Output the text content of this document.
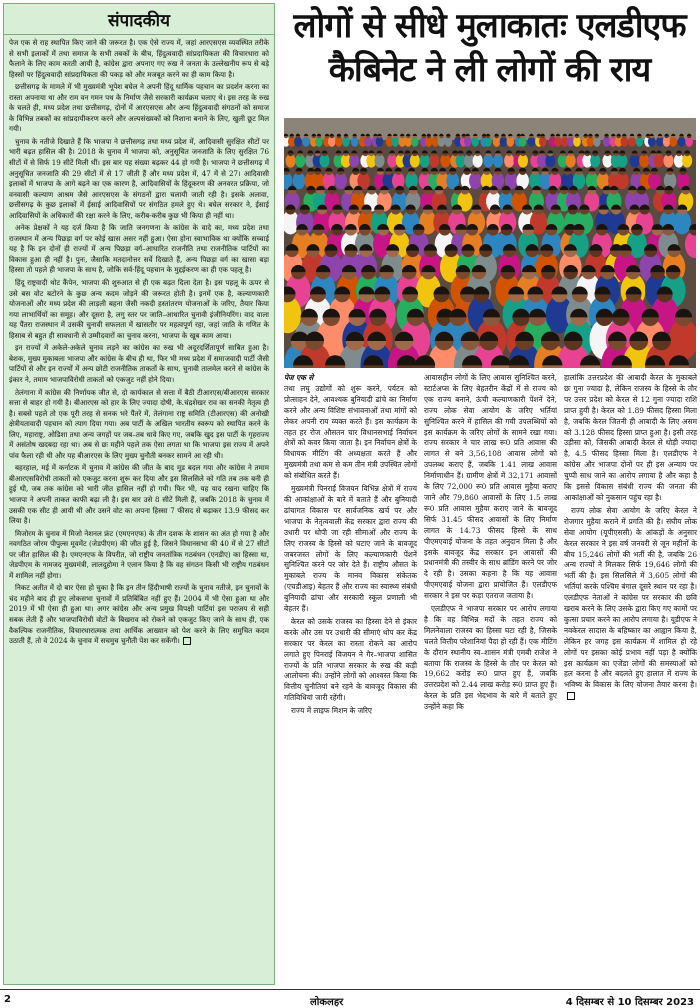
संपादकीय

पेज एक से राह स्थापित किए जाने की जरूरत है। एक ऐसे राज्य में, जहां आरएसएस व्यवस्थित तरीके से सभी इलाकों में तथा समाज के सभी तबकों के बीच, हिंदुत्ववादी सांप्रदायिकता की विचारधारा को फैलाने के लिए काम करती आयी है, कांग्रेस द्वारा अपनाए गए रुख ने जनता के उल्लेखनीय रूप से बड़े हिस्सों पर हिंदुत्ववादी सांप्रदायिकता की पकड़ को और मजबूत करने का ही काम किया है।

छत्तीसगढ़ के मामले में भी मुख्यमंत्री भूपेश बघेल ने अपनी हिंदू धार्मिक पहचान का प्रदर्शन करना का रास्ता अपनाया था और राम वन गमन पथ के निर्माण जैसे सरकारी कार्यक्रम चलाए थे। इस तरह के रुख के चलते ही, मध्य प्रदेश तथा छत्तीसगढ़, दोनों में आरएसएस और अन्य हिंदुत्ववादी संगठनों को समाज के विभिन्न तबकों का सांप्रदायीकरण करने और अल्पसंख्यकों को निशाना बनाने के लिए, खुली छूट मिल गयी।

चुनाव के नतीजे दिखाते हैं कि भाजपा ने छत्तीसगढ़ तथा मध्य प्रदेश में, आदिवासी सुरक्षित सीटों पर भारी बढ़त हासिल की है। 2018 के चुनाव में भाजपा को, अनुसूचित जनजाति के लिए सुरक्षित 76 सीटों में से सिर्फ 19 सीटें मिली थीं। इस बार यह संख्या बढ़कर 44 हो गयी है। भाजपा ने छत्तीसगढ़ में अनुसूचित जनजाति की 29 सीटों में से 17 जीती हैं और मध्य प्रदेश में, 47 में से 27। आदिवासी इलाकों में भाजपा के आगे बढ़ने का एक कारण है, आदिवासियों के हिंदूकरण की अनवरत प्रक्रिया, जो वनवासी कल्याण आश्रम जैसे आरएसएस के संगठनों द्वारा चलायी जाती रही है। इसके अलावा, छत्तीसगढ़ के कुछ इलाकों में ईसाई आदिवासियों पर संगठित हमले हुए थे। बघेल सरकार ने, ईसाई आदिवासियों के अधिकारों की रक्षा करने के लिए, करीब-करीब कुछ भी किया ही नहीं था।

अनेक प्रेक्षकों ने यह दर्ज किया है कि जाति जनगणना के कांग्रेस के वादे का, मध्य प्रदेश तथा राजस्थान में अन्य पिछड़ा वर्ग पर कोई खास असर नहीं हुआ। ऐसा होना स्वाभाविक था क्योंकि सच्चाई यह है कि इन दोनों ही राज्यों में अन्य पिछड़ा वर्ग–आधारित राजनीति तथा राजनीतिक पार्टियों का विकास हुआ ही नहीं है। पुनः, जैसाकि मतदानोत्तर सर्वे दिखाते हैं, अन्य पिछड़ा वर्ग का खासा बड़ा हिस्सा तो पहले ही भाजपा के साथ है, जोकि सर्व-हिंदू पहचान के मुद्दईकरण का ही एक पहलू है।

हिंदू राष्ट्रवादी थोट कैंपेन, भाजपा की शुरुआत से ही एक बढ़त दिला देता है। इस पहलू के ऊपर से उसे बस वोट बटोरने के कुछ अन्य कदम जोड़ने की जरूरत होती है। इनमें एक है, कल्याणकारी योजनाओं और मध्य प्रदेश की लाड़ली बहना जैसी नकदी हस्तांतरण योजनाओं के जरिए, तैयार किया गया लाभार्थियों का समूह। और दूसरा है, लगु स्तर पर जाति–आधारित चुनावी इंजीनियरिंग। वाद वाला यह पैंतरा राजस्थान में उसकी चुनावी सफलता में खासतौर पर महत्वपूर्ण रहा, जहां जाति के गणित के हिसाब से बहुत ही सावधानी से उम्मीदवारों का चुनाव करना, भाजपा के खूब काम आया।

इन राज्यों में अकेले-अकेले चुनाव लड़ने का कांग्रेस का रुख भी अदूरदर्शितापूर्ण साबित हुआ है। बेशक, मुख्य मुकाबला भाजपा और कांग्रेस के बीच ही था, फिर भी मध्य प्रदेश में समाजवादी पार्टी जैसी पार्टियों से और इन राज्यों में अन्य छोटी राजनीतिक ताकतों के साथ, चुनावी तालमेल करने से कांग्रेस के इंकार ने, तमाम भाजपाविरोधी ताकतों को एकजुट नहीं होने दिया।

तेलंगाना में कांग्रेस की निर्णायक जीत से, दो कार्यकाल से सत्ता में बैठी टीआरएस/बीआरएस सरकार सत्ता से बाहर हो गयी है। बीआरएस को हार के लिए ज्यादा दोषी, के.चंद्रशेखर राव का सनकी नेतृत्व ही है। सबसे पहले तो एक पूरी तरह से सनक भरे पैंतरे में, तेलंगाना राष्ट्र समिति (टीआरएस) की अनोखी क्षेत्रीयतावादी पहचान को त्याग दिया गया। अब पार्टी के अखिल भारतीय स्वरूप को स्थापित करने के लिए, महाराष्ट्र, ओडिशा तथा अन्य जगहों पर जब–तब धावे किए गए, जबकि खुद इस पार्टी के गृहराज्य में असंतोष खदबदा रहा था। अब से छः महीने पहले तक ऐसा लगता था कि भाजपा इस राज्य में अपने पांव फैला रही थी और यह बीआरएस के लिए मुख्य चुनौती बनकर सामने आ रही थी।

बहरहाल, मई में कर्नाटक में चुनाव में कांग्रेस की जीत के बाद मूड बदल गया और कांग्रेस ने तमाम बीआरएसविरोधी ताकतों को एकजुट करना शुरू कर दिया और इस सिलसिले को गति तब तक बनी ही हुई थी, जब तक कांग्रेस को भारी जीत हासिल नहीं हो गयी। फिर भी, यह याद रखना चाहिए कि भाजपा ने अपनी ताकत काफी बढ़ा ली है। इस बार उसे 8 सीटें मिली हैं, जबकि 2018 के चुनाव में उसकी एक सीट ही आयी थी और उसने वोट का अपना हिस्सा 7 फीसद से बढ़ाकर 13.9 फीसद कर लिया है।

मिजोरम के चुनाव में मिजो नेशनल फ्रंट (एमएनएफ) के तीन दशक के शासन का अंत हो गया है और नवगठित जोरम पीपुल्स मूवमेंट (जेडपीएम) की जीत हुई है, जिसने विधानसभा की 40 में से 27 सीटों पर जीत हासिल की है। एमएनएफ के विपरीत, जो राष्ट्रीय जनतांत्रिक गठबंधन (एनडीए) का हिस्सा था, जेडपीएम के नामजद मुख्यमंत्री, लालदुहोमा ने एलान किया है कि वह संगठन किसी भी राष्ट्रीय गठबंधन में शामिल नहीं होगा।

निकट अतीत में दो बार ऐसा हो चुका है कि इन तीन हिंदीभाषी राज्यों के चुनाव नतीजे, इन चुनावों के चंद महीने बाद ही हुए लोकसभा चुनावों में प्रतिबिंबित नहीं हुए हैं। 2004 में भी ऐसा हुआ था और 2019 में भी ऐसा ही हुआ था। अगर कांग्रेस और अन्य प्रमुख विपक्षी पार्टियां इस पराजय से सही सबक लेती हैं और भाजपाविरोधी वोटों के बिखराव को रोकने को एकजुट किए जाने के साथ ही, एक वैकल्पिक राजनीतिक, विचारधारात्मक तथा आर्थिक आख्यान को पेश करने के लिए समुचित कदम उठाती हैं, तो वे 2024 के चुनाव में सचमुच चुनौती पेश कर सकेंगी।

लोगों से सीधे मुलाकातः एलडीएफ
कैबिनेट ने ली लोगों की राय
पेज एक से

तथा लघु उद्योगों को शुरू करने, पर्यटन को प्रोत्साहन देने, आवश्यक बुनियादी ढांचे का निर्माण करने और अन्य विशिष्ट संभावनाओं तथा मांगों को लेकर अपनी राय व्यक्त करते हैं। इस कार्यक्रम के तहत हर रोज औसतन चार विधानसभाई निर्वाचन क्षेत्रों को कवर किया जाता है। इन निर्वाचन क्षेत्रों के विधायक मीटिंग की अध्यक्षता करते हैं और मुख्यमंत्री तथा कम से कम तीन मंत्री उपस्थित लोगों को संबोधित करते हैं।

मुख्यमंत्री पिनराई विजयन विभिन्न क्षेत्रों में राज्य की आकांक्षाओं के बारे में बताते हैं और बुनियादी ढांचागत विकास पर सार्वजनिक खर्च पर और भाजपा के नेतृत्ववाली केंद्र सरकार द्वारा राज्य की उधारी पर थोपी जा रही सीमाओं और राज्य के लिए राजस्व के हिस्से को घटाए जाने के बावजूद जबरजस्त लोगों के लिए कल्याणकारी पेंशनें सुनिश्चित करने पर जोर देते हैं। राष्ट्रीय औसत के मुकाबले राज्य के मानव विकास संकेतक (एचडीआइ) बेहतर हैं और राज्य का स्वास्थ्य संबंधी बुनियादी ढांचा और सरकारी स्कूल प्रणाली भी बेहतर हैं।

केरल को उसके राजस्व का हिस्सा देने से इंकार करके और उस पर उधारी की सीमाएं थोप कर केंद्र सरकार पर केरल का रास्ता रोकने का आरोप लगाते हुए पिनराई विजयन ने गैर–भाजपा शासित राज्यों के प्रति भाजपा सरकार के रुख की कड़ी आलोचना की। उन्होंने लोगों को आश्वस्त किया कि वित्तीय चुनौतियां बने रहने के बावजूद विकास की गतिविधियां जारी रहेंगी।

राज्य में लाइफ मिशन के जरिए

आवासहीन लोगों के लिए आवास सुनिश्चित करने, स्टार्टअप्स के लिए बेहतरीन केंद्रों में से राज्य को एक राज्य बनाने, ऊंची कल्याणकारी पेंशनें देने, राज्य लोक सेवा आयोग के जरिए भर्तियां सुनिश्चित करने में हासिल की गयी उपलब्धियों को इस कार्यक्रम के जरिए लोगों के सामने रखा गया। राज्य सरकार ने चार लाख रू0 प्रति आवास की लागत से बने 3,56,108 आवास लोगों को उपलब्ध कराए हैं, जबकि 1.41 लाख आवास निर्माणाधीन हैं। ग्रामीण क्षेत्रों में 32,171 आवासों के लिए 72,000 रू0 प्रति आवास मुहैया कराए जाने और 79,860 आवासों के लिए 1.5 लाख रू0 प्रति आवास मुहैया कराए जाने के बावजूद सिर्फ 31.45 फीसद आवासों के लिए निर्माण लागत के 14.73 फीसद हिस्से के साथ पीएमएवाई योजना के तहत अनुदान मिला है और इसके बावजूद केंद्र सरकार इन आवासों की प्रधानमंत्री की तस्वीर के साथ ब्रांडिंग करने पर जोर दे रही है। उसका कहना है कि यह आवास पीएमएवाई योजना द्वारा प्रायोजित हैं। एलडीएफ सरकार ने इस पर कड़ा एतराज जताया है।

एलडीएफ ने भाजपा सरकार पर आरोप लगाया है कि वह विभिन्न मदों के तहत राज्य को मिलनेवाला राजस्व का हिस्सा घटा रही है, जिसके चलते वित्तीय परेशानियां पैदा हो रही हैं। एक मीटिंग के दौरान स्थानीय स्व–शासन मंत्री एमबी राजेश ने बताया कि राजस्व के हिस्से के तौर पर केरल को 19,662 करोड़ रू0 प्राप्त हुए हैं, जबकि उत्तरप्रदेश को 2.44 लाख करोड़ रू0 प्राप्त हुए हैं। केरल के प्रति इस भेदभाव के बारे में बताते हुए उन्होंने कहा कि

हालांकि उत्तरप्रदेश की आबादी केरल के मुकाबले छः गुना ज्यादा है, लेकिन राजस्व के हिस्से के तौर पर उत्तर प्रदेश को केरल से 12 गुना ज्यादा राशि प्राप्त हुयी है। केरल को 1.89 फीसद हिस्सा मिला है, जबकि केरल जितनी ही आबादी के लिए असम को 3.128 फीसद हिस्सा प्राप्त हुआ है। इसी तरह उड़ीसा को, जिसकी आबादी केरल से थोड़ी ज्यादा है, 4.5 फीसद हिस्सा मिला है। एलडीएफ ने कांग्रेस और भाजपा दोनों पर ही इस अन्याय पर चुप्पी साध जाने का आरोप लगाया है और कहा है कि इससे विकास संबंधी राज्य की जनता की आकांक्षाओं को नुकसान पहुंच रहा है।

राज्य लोक सेवा आयोग के जरिए केरल ने रोजगार मुहैया कराने में प्रगति की है। संघीय लोक सेवा आयोग (यूपीएससी) के आंकड़ों के अनुसार केरल सरकार ने इस वर्ष जनवरी से जून महीनों के बीच 15,246 लोगों की भर्ती की है, जबकि 26 अन्य राज्यों ने मिलकर सिर्फ 19,646 लोगों की भर्ती की है। इस सिलसिले में 3,605 लोगों की भर्तियां करके पश्चिम बंगाल दूसरे स्थान पर रहा है। एलडीएफ नेताओं ने कांग्रेस पर सरकार की छवि खराब करने के लिए उसके द्वारा किए गए कामों पर कुत्सा प्रचार करने का आरोप लगाया है। यूडीएफ ने नवकेरल सादास के बहिष्कार का आह्वान किया है, लेकिन हर जगह इस कार्यक्रम में शामिल हो रहे लोगों पर इसका कोई प्रभाव नहीं पड़ा है क्योंकि इस कार्यक्रम का एजेंडा लोगों की समस्याओं को हल करना है और बदलते हुए हालात में राज्य के भविष्य के विकास के लिए योजना तैयार करना है।

2	लोकलहर	4 दिसम्बर से 10 दिसम्बर 2023
